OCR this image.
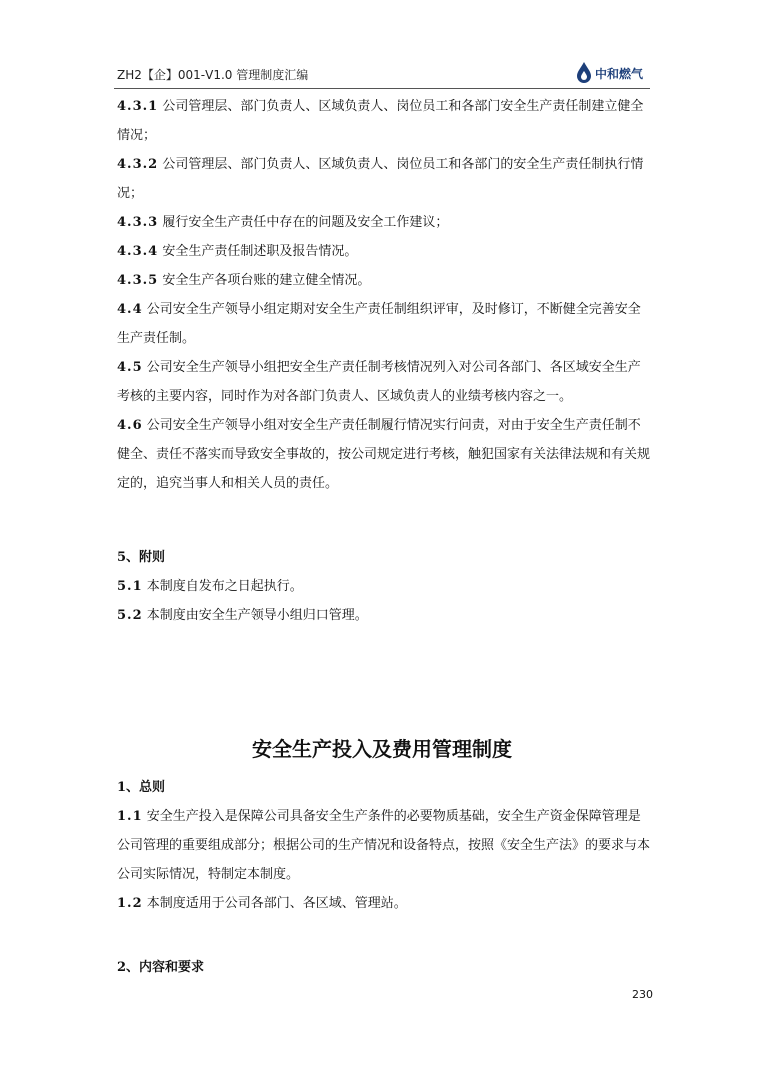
ZH2【企】001-V1.0 管理制度汇编	中和燃气

4.3.1 公司管理层、部门负责人、区域负责人、岗位员工和各部门安全生产责任制建立健全情况；

4.3.2 公司管理层、部门负责人、区域负责人、岗位员工和各部门的安全生产责任制执行情况；

4.3.3 履行安全生产责任中存在的问题及安全工作建议；

4.3.4 安全生产责任制述职及报告情况。

4.3.5 安全生产各项台账的建立健全情况。

4.4 公司安全生产领导小组定期对安全生产责任制组织评审，及时修订，不断健全完善安全生产责任制。

4.5 公司安全生产领导小组把安全生产责任制考核情况列入对公司各部门、各区域安全生产考核的主要内容，同时作为对各部门负责人、区域负责人的业绩考核内容之一。

4.6 公司安全生产领导小组对安全生产责任制履行情况实行问责，对由于安全生产责任制不健全、责任不落实而导致安全事故的，按公司规定进行考核，触犯国家有关法律法规和有关规定的，追究当事人和相关人员的责任。

5、附则

5.1 本制度自发布之日起执行。

5.2 本制度由安全生产领导小组归口管理。

安全生产投入及费用管理制度

1、总则

1.1 安全生产投入是保障公司具备安全生产条件的必要物质基础，安全生产资金保障管理是公司管理的重要组成部分；根据公司的生产情况和设备特点，按照《安全生产法》的要求与本公司实际情况，特制定本制度。

1.2 本制度适用于公司各部门、各区域、管理站。

2、内容和要求

230
